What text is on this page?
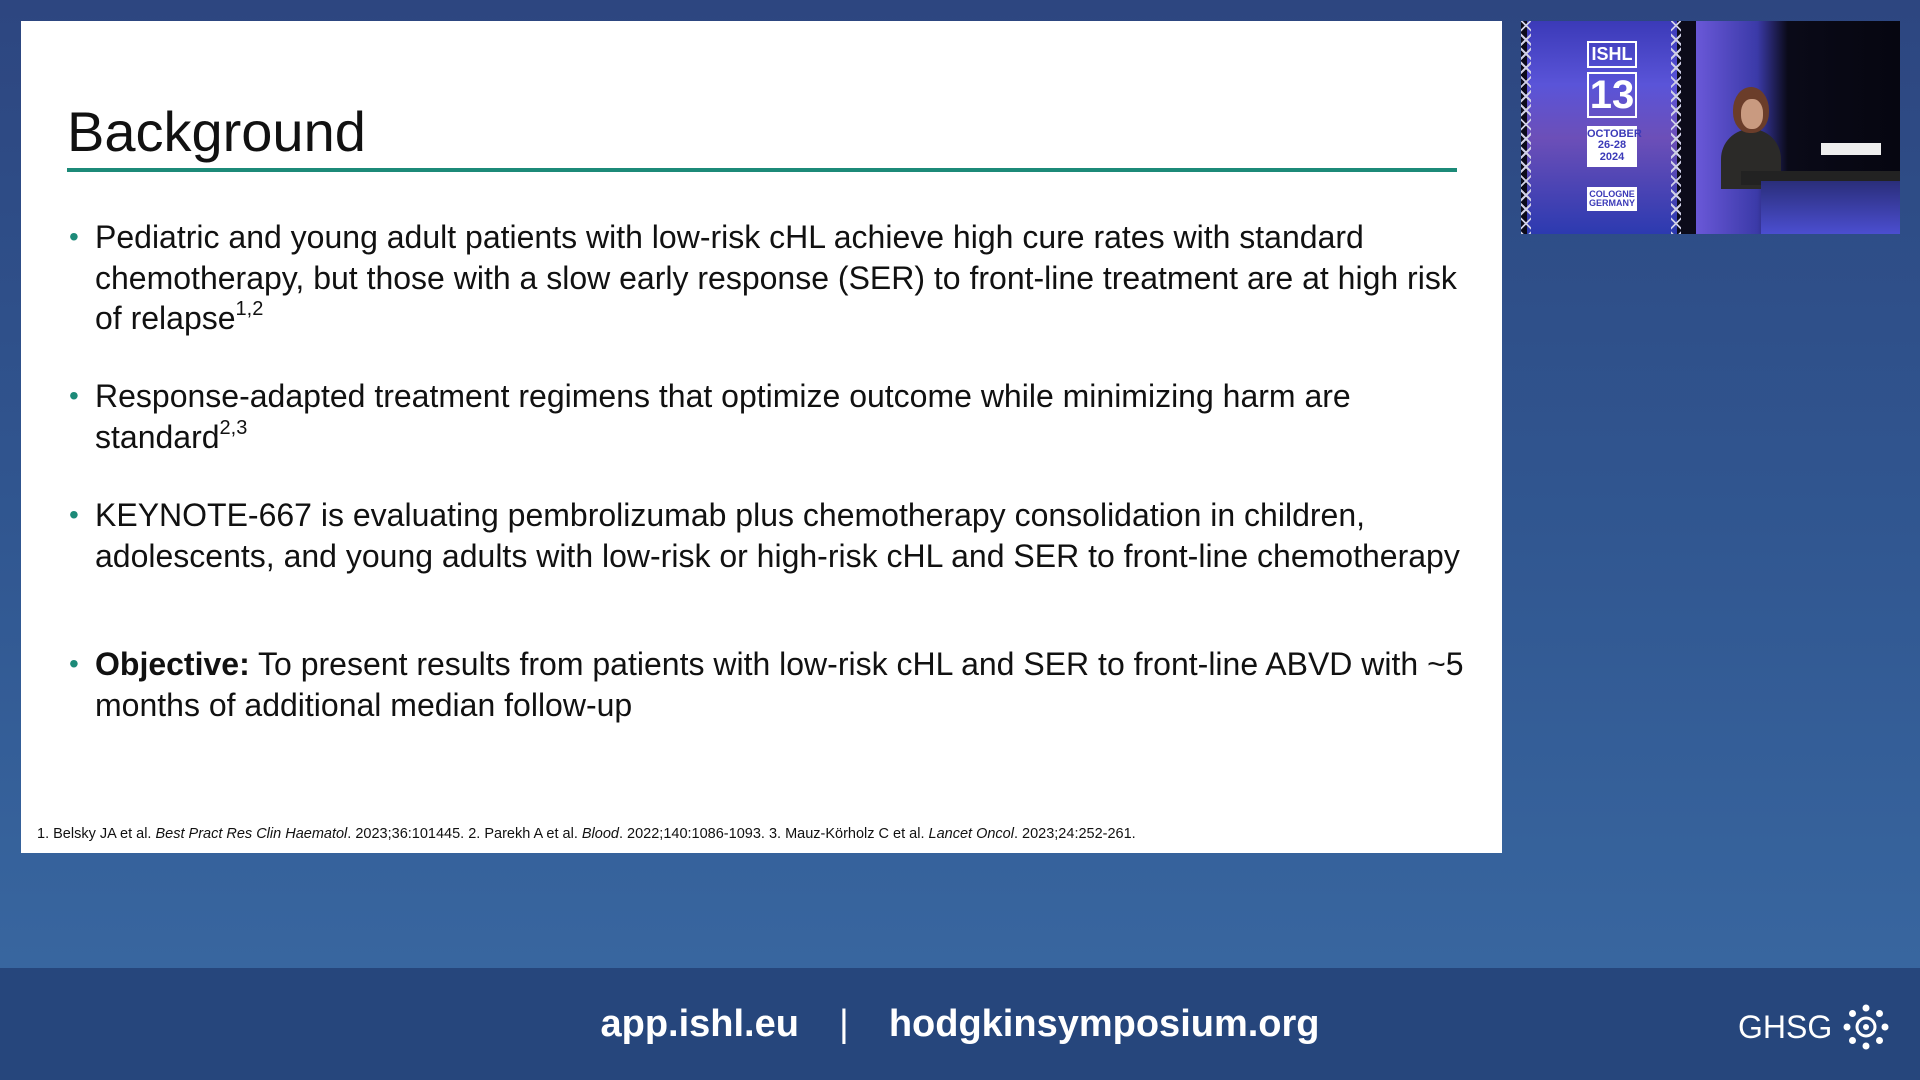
Background
• Pediatric and young adult patients with low-risk cHL achieve high cure rates with standard chemotherapy, but those with a slow early response (SER) to front-line treatment are at high risk of relapse$^{1,2}$
• Response-adapted treatment regimens that optimize outcome while minimizing harm are standard$^{2,3}$
• KEYNOTE-667 is evaluating pembrolizumab plus chemotherapy consolidation in children, adolescents, and young adults with low-risk or high-risk cHL and SER to front-line chemotherapy
• Objective: To present results from patients with low-risk cHL and SER to front-line ABVD with ~5 months of additional median follow-up
1. Belsky JA et al. Best Pract Res Clin Haematol. 2023;36:101445. 2. Parekh A et al. Blood. 2022;140:1086-1093. 3. Mauz-Körholz C et al. Lancet Oncol. 2023;24:252-261.
ISHL
13
OCTOBER 26-28 2024
COLOGNE GERMANY
app.ishl.eu | hodgkinsymposium.org	GHSG
